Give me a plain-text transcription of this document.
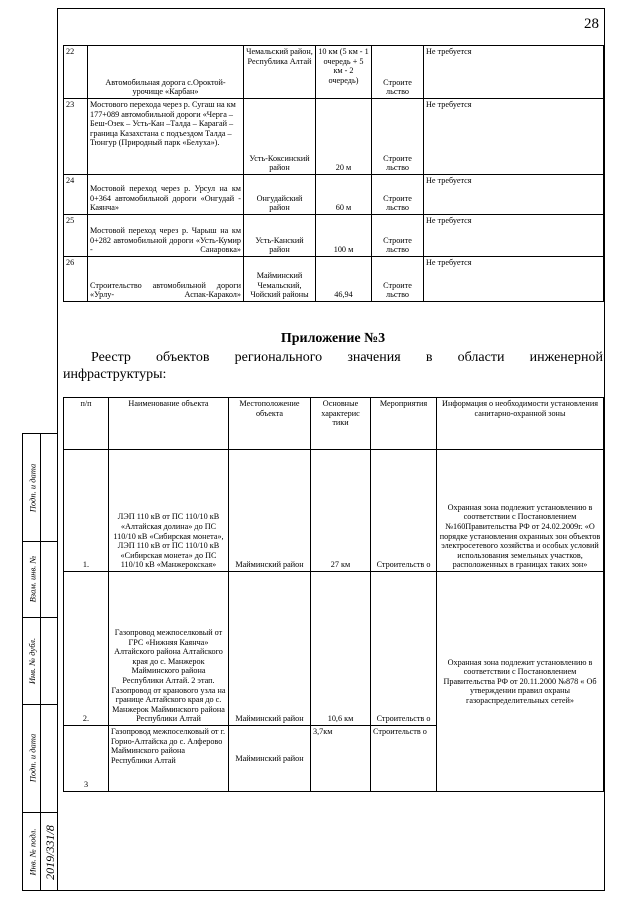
28
22	Автомобильная дорога с.Ороктой- урочище «Карбан»	Чемальский район, Республика Алтай	10 км (5 км - 1 очередь + 5 км - 2 очередь)	Строите льство	Не требуется
23	Мостового перехода через р. Сугаш на км 177+089 автомобильной дороги «Черга – Беш-Озек – Усть-Кан –Талда – Карагай – граница Казахстана с подъездом Талда – Тюнгур (Природный парк «Белуха»).	Усть-Коксинский район	20 м	Строите льство	Не требуется
24	Мостовой переход через р. Урсул на км 0+364 автомобильной дороги «Онгудай - Каянча»	Онгудайский район	60 м	Строите льство	Не требуется
25	Мостовой переход через р. Чарыш на км 0+282 автомобильной дороги «Усть-Кумир - Санаровка»	Усть-Канский район	100 м	Строите льство	Не требуется
26	Строительство автомобильной дороги «Урлу- Аспак-Каракол»	Майминский Чемальский, Чойский районы	46,94	Строите льство	Не требуется
Приложение №3
Реестр объектов регионального значения в области инженерной
инфраструктуры:
п/п	Наименование объекта	Местоположение объекта	Основные характерис тики	Мероприятия	Информация о необходимости установления санитарно-охранной зоны
1.	ЛЭП 110 кВ от ПС 110/10 кВ «Алтайская долина» до ПС 110/10 кВ «Сибирская монета», ЛЭП 110 кВ от ПС 110/10 кВ «Сибирская монета» до ПС 110/10 кВ «Манжерокская»	Майминский район	27 км	Строительств о	Охранная зона подлежит установлению в соответствии с Постановлением №160Правительства РФ от 24.02.2009г. «О порядке установления охранных зон объектов электросетевого хозяйства и особых условий использования земельных участков, расположенных в границах таких зон»
2.	Газопровод межпоселковый от ГРС «Нижняя Каянча» Алтайского района Алтайского края до с. Манжерок Майминского района Республики Алтай. 2 этап. Газопровод от кранового узла на границе Алтайского края до с. Манжерок Майминского района Республики Алтай	Майминский район	10,6 км	Строительств о	Охранная зона подлежит установлению в соответствии с Постановлением Правительства РФ от 20.11.2000 №878 « Об утверждении правил охраны газораспределительных сетей»
3	Газопровод межпоселковый от г. Горно-Алтайска до с. Алферово Майминского района Республики Алтай	Майминский район	3,7км	Строительств о	
Подп. и дата
Взам. инв. №
Инв. № дубл.
Подп. и дата
Инв. № подл. 2019/331/8
